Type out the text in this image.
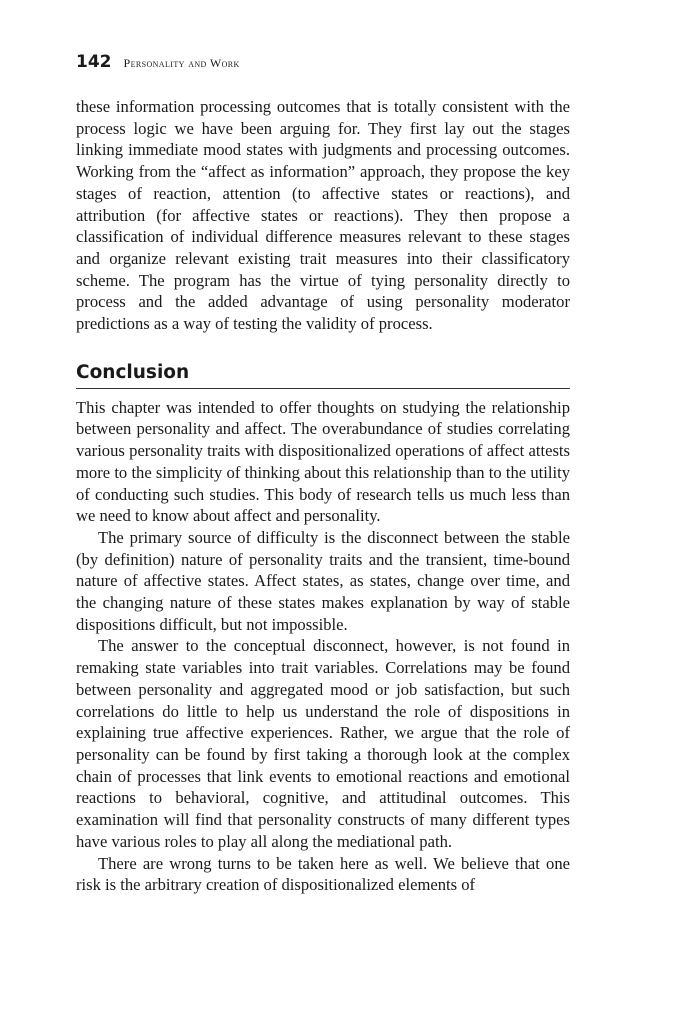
142 Personality and Work

these information processing outcomes that is totally consistent with the process logic we have been arguing for. They first lay out the stages linking immediate mood states with judgments and processing outcomes. Working from the “affect as information” approach, they propose the key stages of reaction, attention (to affective states or reactions), and attribution (for affective states or reactions). They then propose a classification of individual difference measures relevant to these stages and organize relevant existing trait measures into their classificatory scheme. The program has the virtue of tying personality directly to process and the added advantage of using personality moderator predictions as a way of testing the validity of process.

Conclusion

This chapter was intended to offer thoughts on studying the relationship between personality and affect. The overabundance of studies correlating various personality traits with dispositionalized operations of affect attests more to the simplicity of thinking about this relationship than to the utility of conducting such studies. This body of research tells us much less than we need to know about affect and personality.

The primary source of difficulty is the disconnect between the stable (by definition) nature of personality traits and the transient, time-bound nature of affective states. Affect states, as states, change over time, and the changing nature of these states makes explanation by way of stable dispositions difficult, but not impossible.

The answer to the conceptual disconnect, however, is not found in remaking state variables into trait variables. Correlations may be found between personality and aggregated mood or job satisfaction, but such correlations do little to help us understand the role of dispositions in explaining true affective experiences. Rather, we argue that the role of personality can be found by first taking a thorough look at the complex chain of processes that link events to emotional reactions and emotional reactions to behavioral, cognitive, and attitudinal outcomes. This examination will find that personality constructs of many different types have various roles to play all along the mediational path.

There are wrong turns to be taken here as well. We believe that one risk is the arbitrary creation of dispositionalized elements of
